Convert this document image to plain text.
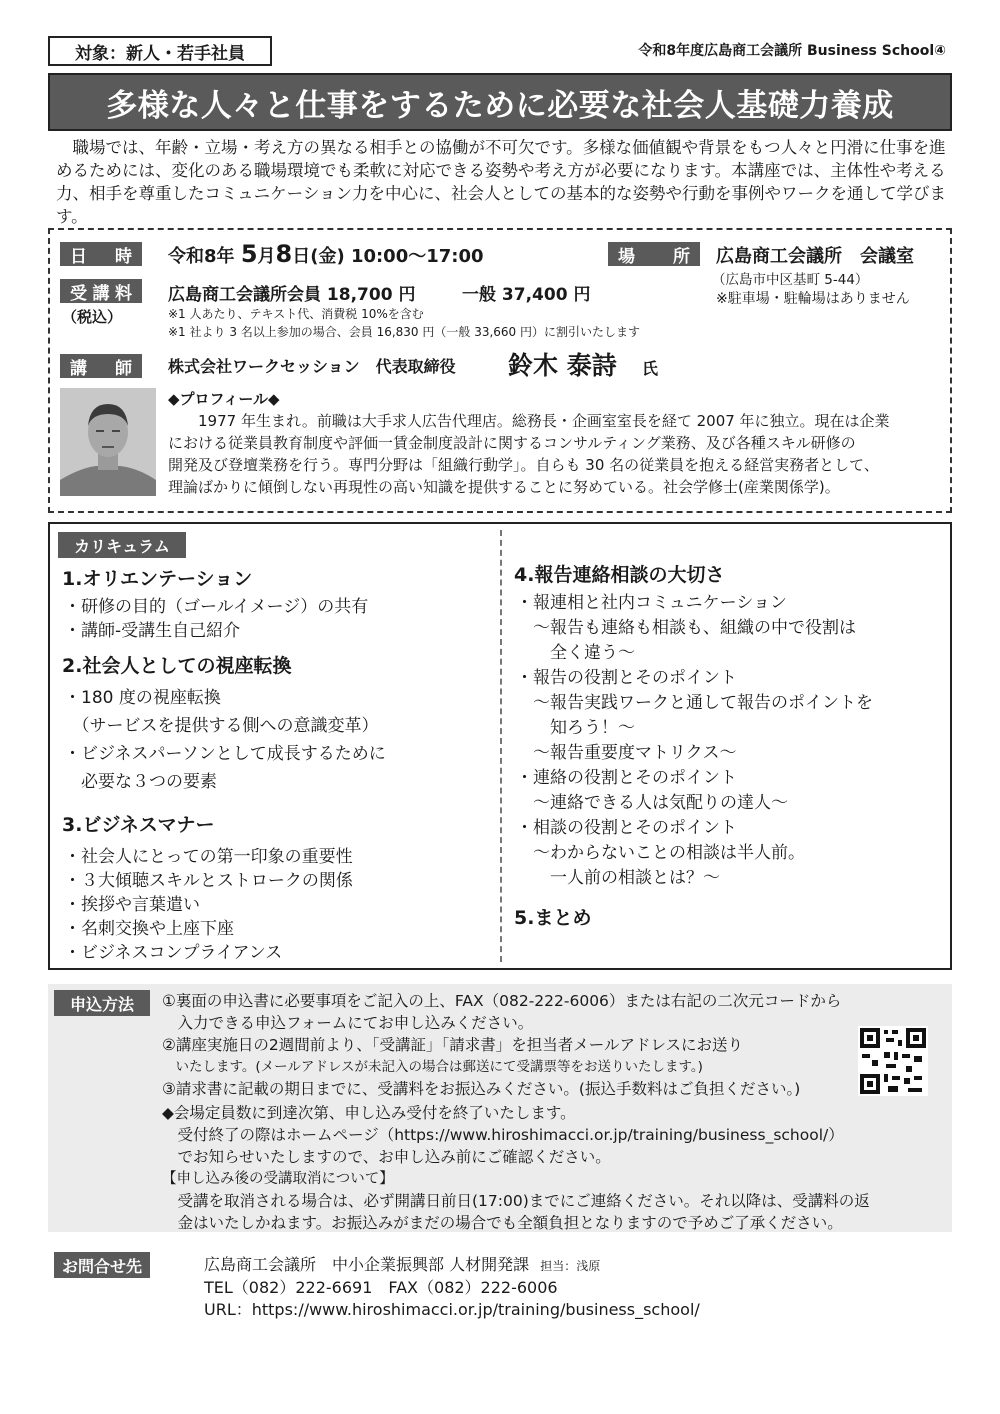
対象：新人・若手社員	令和8年度広島商工会議所 Business School④
多様な人々と仕事をするために必要な社会人基礎力養成
職場では、年齢・立場・考え方の異なる相手との協働が不可欠です。多様な価値観や背景をもつ人々と円滑に仕事を進めるためには、変化のある職場環境でも柔軟に対応できる姿勢や考え方が必要になります。本講座では、主体性や考える力、相手を尊重したコミュニケーション力を中心に、社会人としての基本的な姿勢や行動を事例やワークを通して学びます。
日 時 令和8年 5月8日(金) 10:00～17:00	場 所 広島商工会議所　会議室
（広島市中区基町 5-44）
※駐車場・駐輪場はありません
受 講 料
（税込）
広島商工会議所会員 18,700 円	一般 37,400 円
※1 人あたり、テキスト代、消費税 10%を含む
※1 社より 3 名以上参加の場合、会員 16,830 円（一般 33,660 円）に割引いたします
講 師 株式会社ワークセッション　代表取締役 鈴木 泰詩 氏
◆プロフィール◆
1977 年生まれ。前職は大手求人広告代理店。総務長・企画室室長を経て 2007 年に独立。現在は企業
における従業員教育制度や評価一賃金制度設計に関するコンサルティング業務、及び各種スキル研修の
開発及び登壇業務を行う。専門分野は「組織行動学」。自らも 30 名の従業員を抱える経営実務者として、
理論ばかりに傾倒しない再現性の高い知識を提供することに努めている。社会学修士(産業関係学)。
カリキュラム
1.オリエンテーション
・研修の目的（ゴールイメージ）の共有
・講師-受講生自己紹介
2.社会人としての視座転換
・180 度の視座転換
　（サービスを提供する側への意識変革）
・ビジネスパーソンとして成長するために
　必要な３つの要素
3.ビジネスマナー
・社会人にとっての第一印象の重要性
・３大傾聴スキルとストロークの関係
・挨拶や言葉遣い
・名刺交換や上座下座
・ビジネスコンプライアンス
4.報告連絡相談の大切さ
・報連相と社内コミュニケーション
　～報告も連絡も相談も、組織の中で役割は
　　全く違う～
・報告の役割とそのポイント
　～報告実践ワークと通して報告のポイントを
　　知ろう！～
　～報告重要度マトリクス～
・連絡の役割とそのポイント
　～連絡できる人は気配りの達人～
・相談の役割とそのポイント
　～わからないことの相談は半人前。
　　一人前の相談とは？～
5.まとめ
申込方法	①裏面の申込書に必要事項をご記入の上、FAX（082-222-6006）または右記の二次元コードから
　入力できる申込フォームにてお申し込みください。
②講座実施日の2週間前より、「受講証」「請求書」を担当者メールアドレスにお送り
　いたします。(メールアドレスが未記入の場合は郵送にて受講票等をお送りいたします。)
③請求書に記載の期日までに、受講料をお振込みください。(振込手数料はご負担ください。)
◆会場定員数に到達次第、申し込み受付を終了いたします。
　受付終了の際はホームページ（https://www.hiroshimacci.or.jp/training/business_school/）
　でお知らせいたしますので、お申し込み前にご確認ください。
【申し込み後の受講取消について】
　受講を取消される場合は、必ず開講日前日(17:00)までにご連絡ください。それ以降は、受講料の返
　金はいたしかねます。お振込みがまだの場合でも全額負担となりますので予めご了承ください。
お問合せ先	広島商工会議所　中小企業振興部 人材開発課 担当：浅原
TEL（082）222-6691　FAX（082）222-6006
URL：https://www.hiroshimacci.or.jp/training/business_school/
